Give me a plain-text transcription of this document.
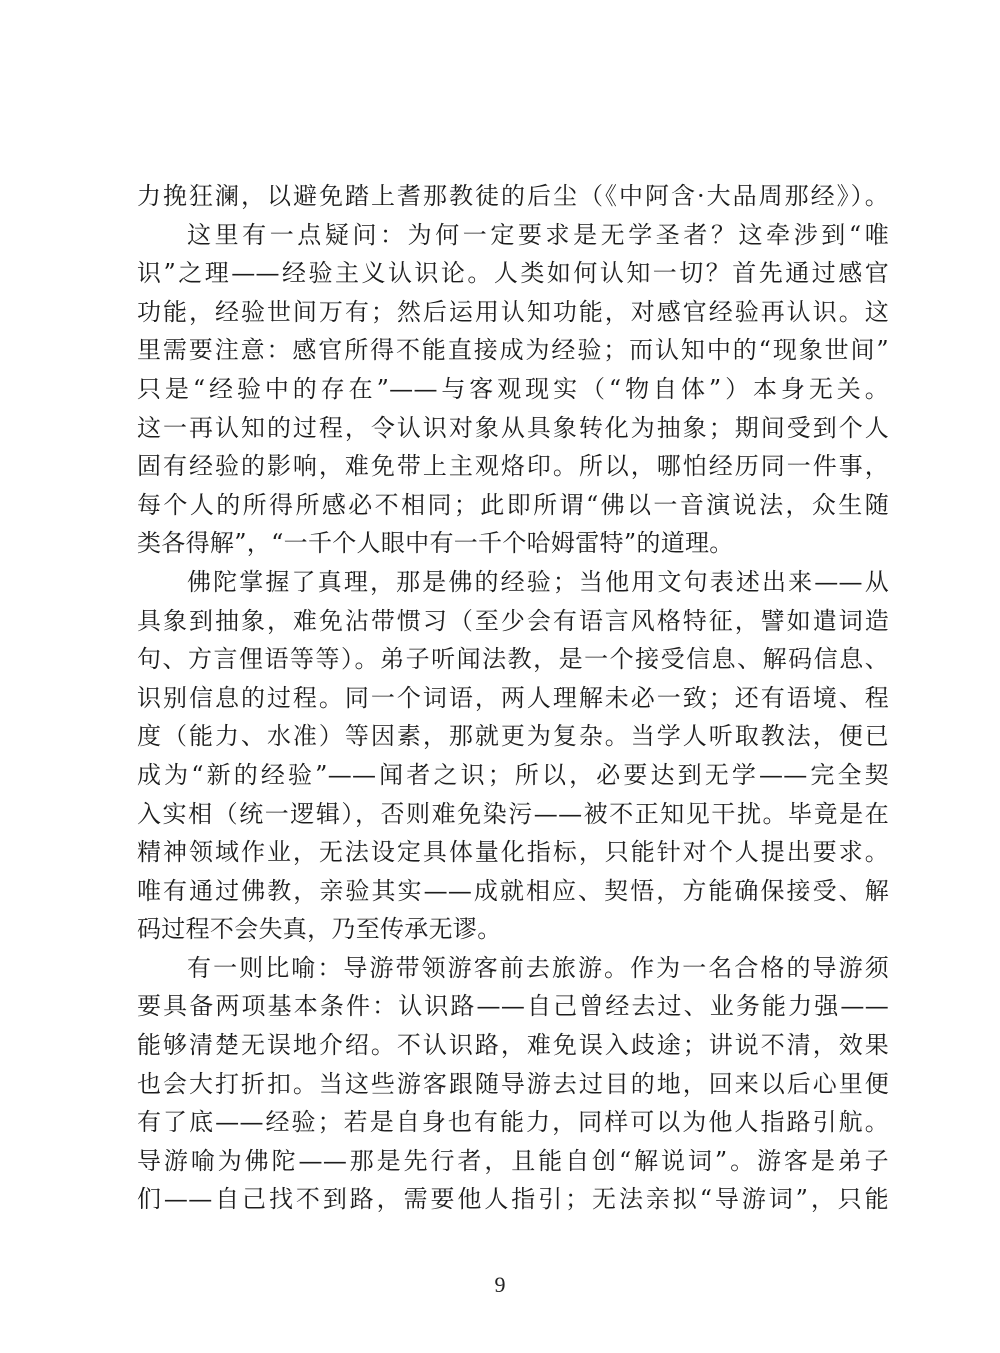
力挽狂澜，以避免踏上耆那教徒的后尘（《中阿含·大品周那经》）。
这里有一点疑问：为何一定要求是无学圣者？这牵涉到“唯
识”之理——经验主义认识论。人类如何认知一切？首先通过感官
功能，经验世间万有；然后运用认知功能，对感官经验再认识。这
里需要注意：感官所得不能直接成为经验；而认知中的“现象世间”
只是“经验中的存在”——与客观现实（“物自体”）本身无关。
这一再认知的过程，令认识对象从具象转化为抽象；期间受到个人
固有经验的影响，难免带上主观烙印。所以，哪怕经历同一件事，
每个人的所得所感必不相同；此即所谓“佛以一音演说法，众生随
类各得解”，“一千个人眼中有一千个哈姆雷特”的道理。
佛陀掌握了真理，那是佛的经验；当他用文句表述出来——从
具象到抽象，难免沾带惯习（至少会有语言风格特征，譬如遣词造
句、方言俚语等等）。弟子听闻法教，是一个接受信息、解码信息、
识别信息的过程。同一个词语，两人理解未必一致；还有语境、程
度（能力、水准）等因素，那就更为复杂。当学人听取教法，便已
成为“新的经验”——闻者之识；所以，必要达到无学——完全契
入实相（统一逻辑），否则难免染污——被不正知见干扰。毕竟是在
精神领域作业，无法设定具体量化指标，只能针对个人提出要求。
唯有通过佛教，亲验其实——成就相应、契悟，方能确保接受、解
码过程不会失真，乃至传承无谬。
有一则比喻：导游带领游客前去旅游。作为一名合格的导游须
要具备两项基本条件：认识路——自己曾经去过、业务能力强——
能够清楚无误地介绍。不认识路，难免误入歧途；讲说不清，效果
也会大打折扣。当这些游客跟随导游去过目的地，回来以后心里便
有了底——经验；若是自身也有能力，同样可以为他人指路引航。
导游喻为佛陀——那是先行者，且能自创“解说词”。游客是弟子
们——自己找不到路，需要他人指引；无法亲拟“导游词”，只能
9
